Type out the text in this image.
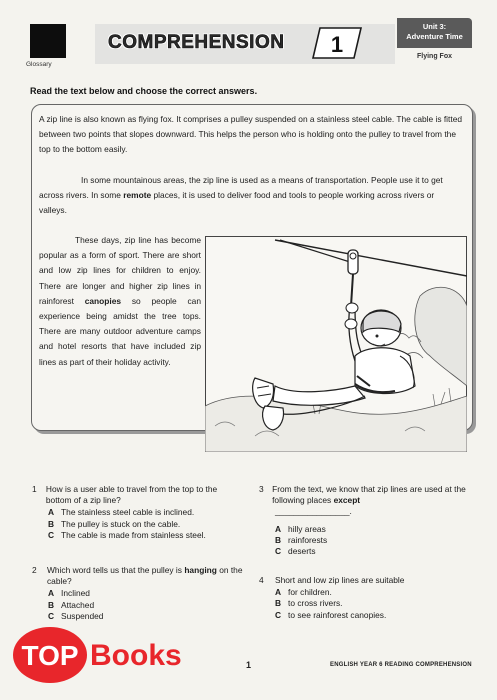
Glossary
COMPREHENSION 1
Unit 3:
Adventure Time
Flying Fox
Read the text below and choose the correct answers.
A zip line is also known as flying fox. It comprises a pulley suspended on a stainless steel cable. The cable is fitted between two points that slopes downward. This helps the person who is holding onto the pulley to travel from the top to the bottom easily.
In some mountainous areas, the zip line is used as a means of transportation. People use it to get across rivers. In some remote places, it is used to deliver food and tools to people working across rivers or valleys.
These days, zip line has become popular as a form of sport. There are short and low zip lines for children to enjoy. There are longer and higher zip lines in rainforest canopies so people can experience being amidst the tree tops. There are many outdoor adventure camps and hotel resorts that have included zip lines as part of their holiday activity.
1	How is a user able to travel from the top to the bottom of a zip line?
A The stainless steel cable is inclined.
B The pulley is stuck on the cable.
C The cable is made from stainless steel.
2	Which word tells us that the pulley is hanging on the cable?
A Inclined
B Attached
C Suspended
3 From the text, we know that zip lines are used at the following places except
________________.
A hilly areas
B rainforests
C deserts
4	Short and low zip lines are suitable
A for children.
B to cross rivers.
C to see rainforest canopies.
TOP Books	1	ENGLISH YEAR 6 READING COMPREHENSION
